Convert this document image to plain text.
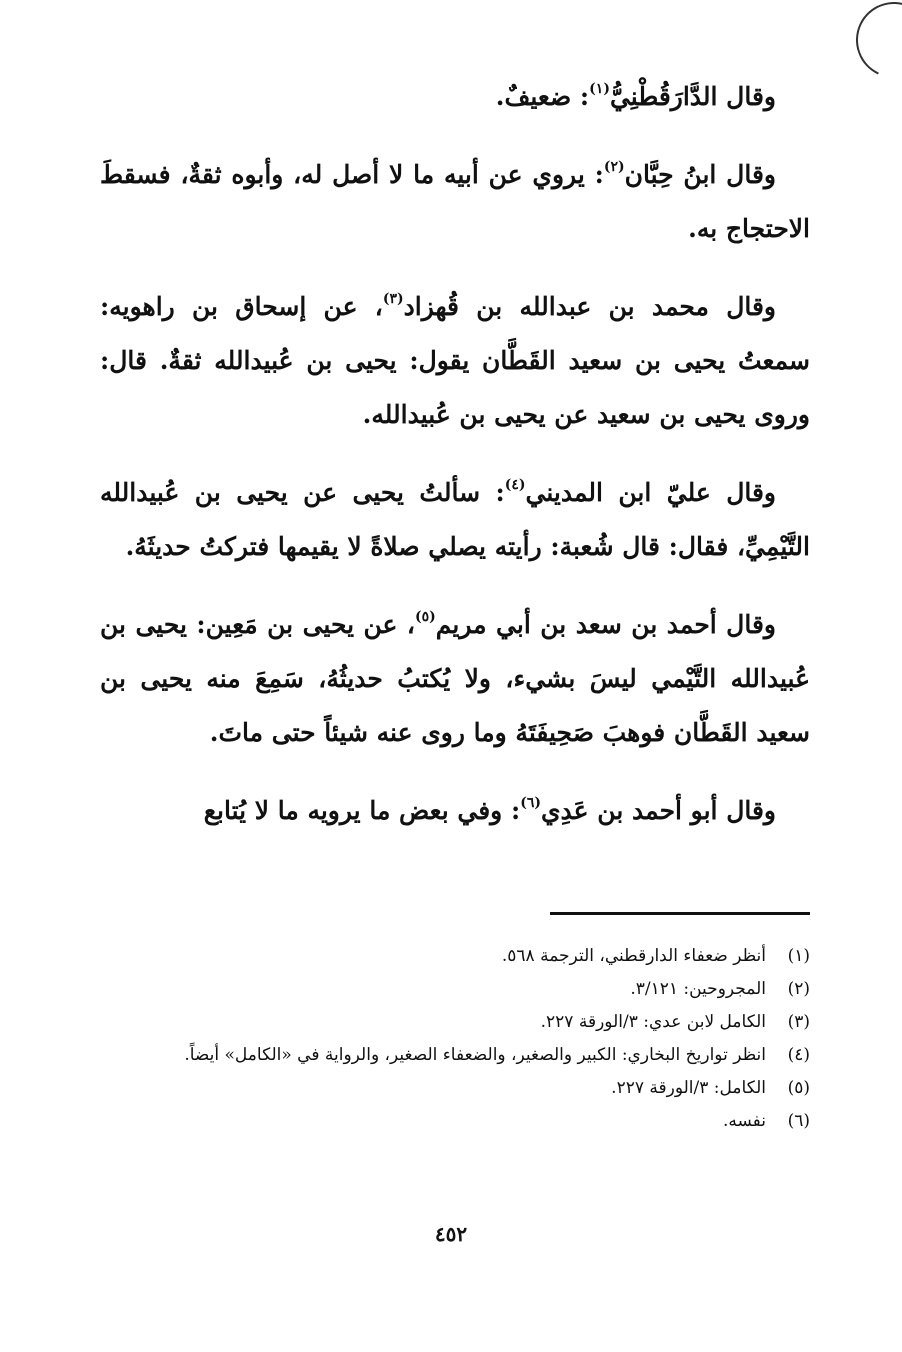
وقال الدَّارَقُطْنِيُّ$^{(١)}$: ضعيفٌ.

وقال ابنُ حِبَّان$^{(٢)}$: يروي عن أبيه ما لا أصل له، وأبوه ثقةٌ، فسقطَ الاحتجاج به.

وقال محمد بن عبدالله بن قُهزاد$^{(٣)}$، عن إسحاق بن راهويه: سمعتُ يحيى بن سعيد القَطَّان يقول: يحيى بن عُبيدالله ثقةٌ. قال: وروى يحيى بن سعيد عن يحيى بن عُبيدالله.

وقال عليّ ابن المديني$^{(٤)}$: سألتُ يحيى عن يحيى بن عُبيدالله التَّيْمِيِّ، فقال: قال شُعبة: رأيته يصلي صلاةً لا يقيمها فتركتُ حديثَهُ.

وقال أحمد بن سعد بن أبي مريم$^{(٥)}$، عن يحيى بن مَعِين: يحيى بن عُبيدالله التَّيْمي ليسَ بشيء، ولا يُكتبُ حديثُهُ، سَمِعَ منه يحيى بن سعيد القَطَّان فوهبَ صَحِيفَتَهُ وما روى عنه شيئاً حتى ماتَ.

وقال أبو أحمد بن عَدِي$^{(٦)}$: وفي بعض ما يرويه ما لا يُتابع

(١)
أنظر ضعفاء الدارقطني، الترجمة ٥٦٨.
(٢)
المجروحين: ٣/١٢١.
(٣)
الكامل لابن عدي: ٣/الورقة ٢٢٧.
(٤)
انظر تواريخ البخاري: الكبير والصغير، والضعفاء الصغير، والرواية في «الكامل» أيضاً.
(٥)
الكامل: ٣/الورقة ٢٢٧.
(٦)
نفسه.
٤٥٢
